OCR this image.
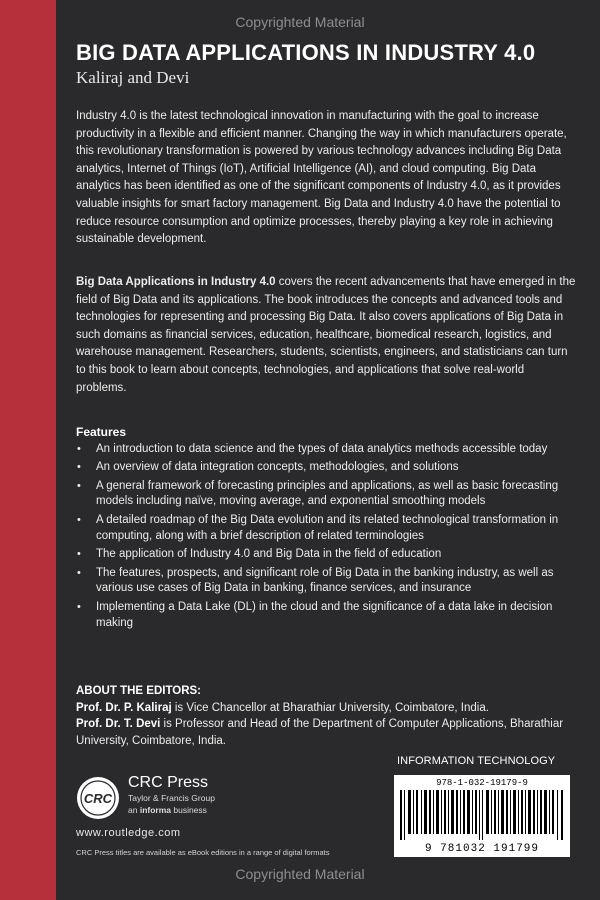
Copyrighted Material
BIG DATA APPLICATIONS IN INDUSTRY 4.0
Kaliraj and Devi
Industry 4.0 is the latest technological innovation in manufacturing with the goal to increase productivity in a flexible and efficient manner. Changing the way in which manufacturers operate, this revolutionary transformation is powered by various technology advances including Big Data analytics, Internet of Things (IoT), Artificial Intelligence (AI), and cloud computing. Big Data analytics has been identified as one of the significant components of Industry 4.0, as it provides valuable insights for smart factory management. Big Data and Industry 4.0 have the potential to reduce resource consumption and optimize processes, thereby playing a key role in achieving sustainable development.
Big Data Applications in Industry 4.0 covers the recent advancements that have emerged in the field of Big Data and its applications. The book introduces the concepts and advanced tools and technologies for representing and processing Big Data. It also covers applications of Big Data in such domains as financial services, education, healthcare, biomedical research, logistics, and warehouse management. Researchers, students, scientists, engineers, and statisticians can turn to this book to learn about concepts, technologies, and applications that solve real-world problems.
Features
• An introduction to data science and the types of data analytics methods accessible today
• An overview of data integration concepts, methodologies, and solutions
• A general framework of forecasting principles and applications, as well as basic forecasting models including naïve, moving average, and exponential smoothing models
• A detailed roadmap of the Big Data evolution and its related technological transformation in computing, along with a brief description of related terminologies
• The application of Industry 4.0 and Big Data in the field of education
• The features, prospects, and significant role of Big Data in the banking industry, as well as various use cases of Big Data in banking, finance services, and insurance
• Implementing a Data Lake (DL) in the cloud and the significance of a data lake in decision making
ABOUT THE EDITORS:
Prof. Dr. P. Kaliraj is Vice Chancellor at Bharathiar University, Coimbatore, India.
Prof. Dr. T. Devi is Professor and Head of the Department of Computer Applications, Bharathiar University, Coimbatore, India.
INFORMATION TECHNOLOGY
978-1-032-19179-9
9 781032 191799
CRC
CRC Press
Taylor & Francis Group
an informa business
www.routledge.com
CRC Press titles are available as eBook editions in a range of digital formats
Copyrighted Material
